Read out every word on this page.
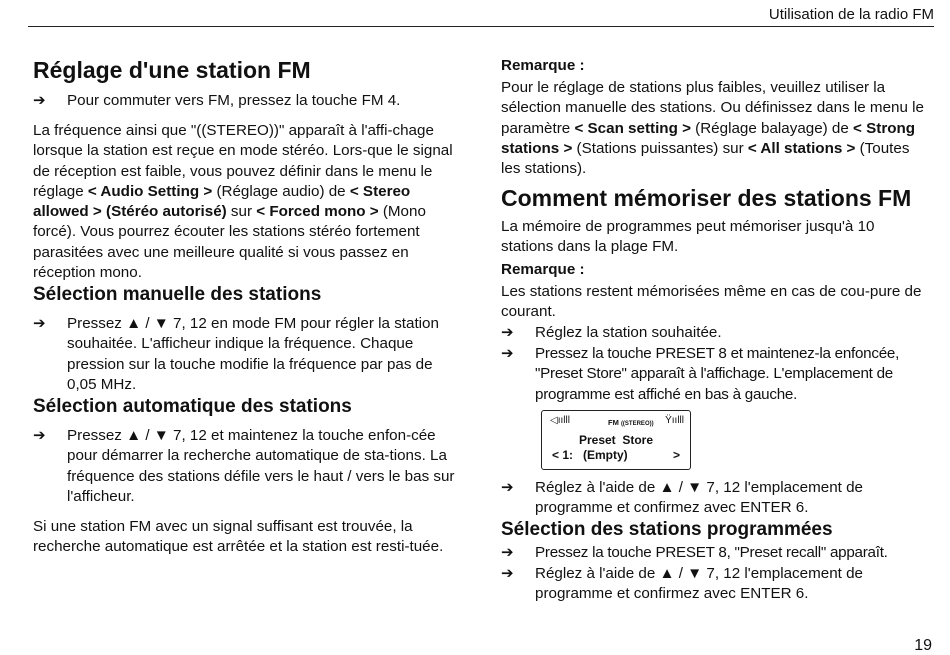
Utilisation de la radio FM
Réglage d'une station FM
➔ Pour commuter vers FM, pressez la touche FM 4.
La fréquence ainsi que "((STEREO))" apparaît à l'affi-chage lorsque la station est reçue en mode stéréo. Lors-que le signal de réception est faible, vous pouvez définir dans le menu le réglage < Audio Setting > (Réglage audio) de < Stereo allowed > (Stéréo autorisé) sur < Forced mono > (Mono forcé). Vous pourrez écouter les stations stéréo fortement parasitées avec une meilleure qualité si vous passez en réception mono.
Sélection manuelle des stations
➔ Pressez ▲ / ▼ 7, 12 en mode FM pour régler la station souhaitée. L'afficheur indique la fréquence. Chaque pression sur la touche modifie la fréquence par pas de 0,05 MHz.
Sélection automatique des stations
➔ Pressez ▲ / ▼ 7, 12 et maintenez la touche enfon-cée pour démarrer la recherche automatique de sta-tions. La fréquence des stations défile vers le haut / vers le bas sur l'afficheur.
Si une station FM avec un signal suffisant est trouvée, la recherche automatique est arrêtée et la station est resti-tuée.
Remarque :
Pour le réglage de stations plus faibles, veuillez utiliser la sélection manuelle des stations. Ou définissez dans le menu le paramètre < Scan setting > (Réglage balayage) de < Strong stations > (Stations puissantes) sur < All stations > (Toutes les stations).
Comment mémoriser des stations FM
La mémoire de programmes peut mémoriser jusqu'à 10 stations dans la plage FM.
Remarque :
Les stations restent mémorisées même en cas de cou-pure de courant.
➔ Réglez la station souhaitée.
➔ Pressez la touche PRESET 8 et maintenez-la enfoncée, "Preset Store" apparaît à l'affichage. L'emplacement de programme est affiché en bas à gauche.
◁ıılll	FM ((STEREO)) Ÿıılll
Preset  Store
< 1:   (Empty)	>
➔ Réglez à l'aide de ▲ / ▼ 7, 12 l'emplacement de programme et confirmez avec ENTER 6.
Sélection des stations programmées
➔ Pressez la touche PRESET 8, "Preset recall" apparaît.
➔ Réglez à l'aide de ▲ / ▼ 7, 12 l'emplacement de programme et confirmez avec ENTER 6.
19
